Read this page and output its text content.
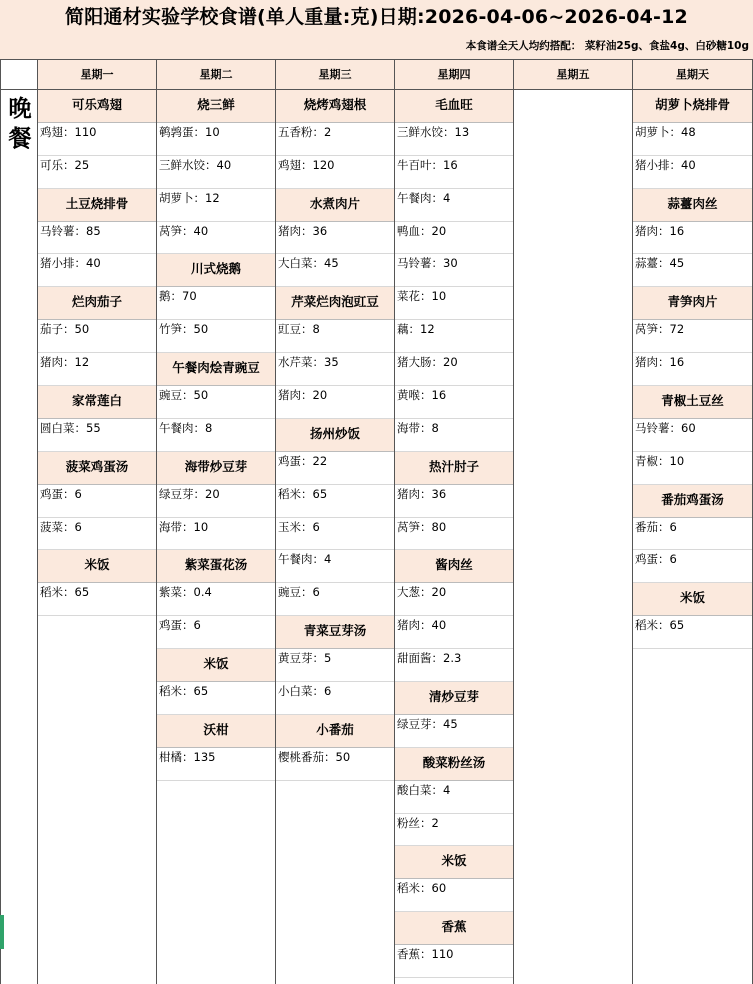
简阳通材实验学校食谱(单人重量:克)日期:2026-04-06~2026-04-12
本食谱全天人均约搭配： 菜籽油25g、食盐4g、白砂糖10g
晚餐
星期一
可乐鸡翅
鸡翅：110
可乐：25
土豆烧排骨
马铃薯：85
猪小排：40
烂肉茄子
茄子：50
猪肉：12
家常莲白
圆白菜：55
菠菜鸡蛋汤
鸡蛋：6
菠菜：6
米饭
稻米：65
星期二
烧三鲜
鹌鹑蛋：10
三鲜水饺：40
胡萝卜：12
莴笋：40
川式烧鹅
鹅：70
竹笋：50
午餐肉烩青豌豆
豌豆：50
午餐肉：8
海带炒豆芽
绿豆芽：20
海带：10
紫菜蛋花汤
紫菜：0.4
鸡蛋：6
米饭
稻米：65
沃柑
柑橘：135
星期三
烧烤鸡翅根
五香粉：2
鸡翅：120
水煮肉片
猪肉：36
大白菜：45
芹菜烂肉泡豇豆
豇豆：8
水芹菜：35
猪肉：20
扬州炒饭
鸡蛋：22
稻米：65
玉米：6
午餐肉：4
豌豆：6
青菜豆芽汤
黄豆芽：5
小白菜：6
小番茄
樱桃番茄：50
星期四
毛血旺
三鲜水饺：13
牛百叶：16
午餐肉：4
鸭血：20
马铃薯：30
菜花：10
藕：12
猪大肠：20
黄喉：16
海带：8
热汁肘子
猪肉：36
莴笋：80
酱肉丝
大葱：20
猪肉：40
甜面酱：2.3
清炒豆芽
绿豆芽：45
酸菜粉丝汤
酸白菜：4
粉丝：2
米饭
稻米：60
香蕉
香蕉：110
星期五	星期天
胡萝卜烧排骨
胡萝卜：48
猪小排：40
蒜薹肉丝
猪肉：16
蒜薹：45
青笋肉片
莴笋：72
猪肉：16
青椒土豆丝
马铃薯：60
青椒：10
番茄鸡蛋汤
番茄：6
鸡蛋：6
米饭
稻米：65
